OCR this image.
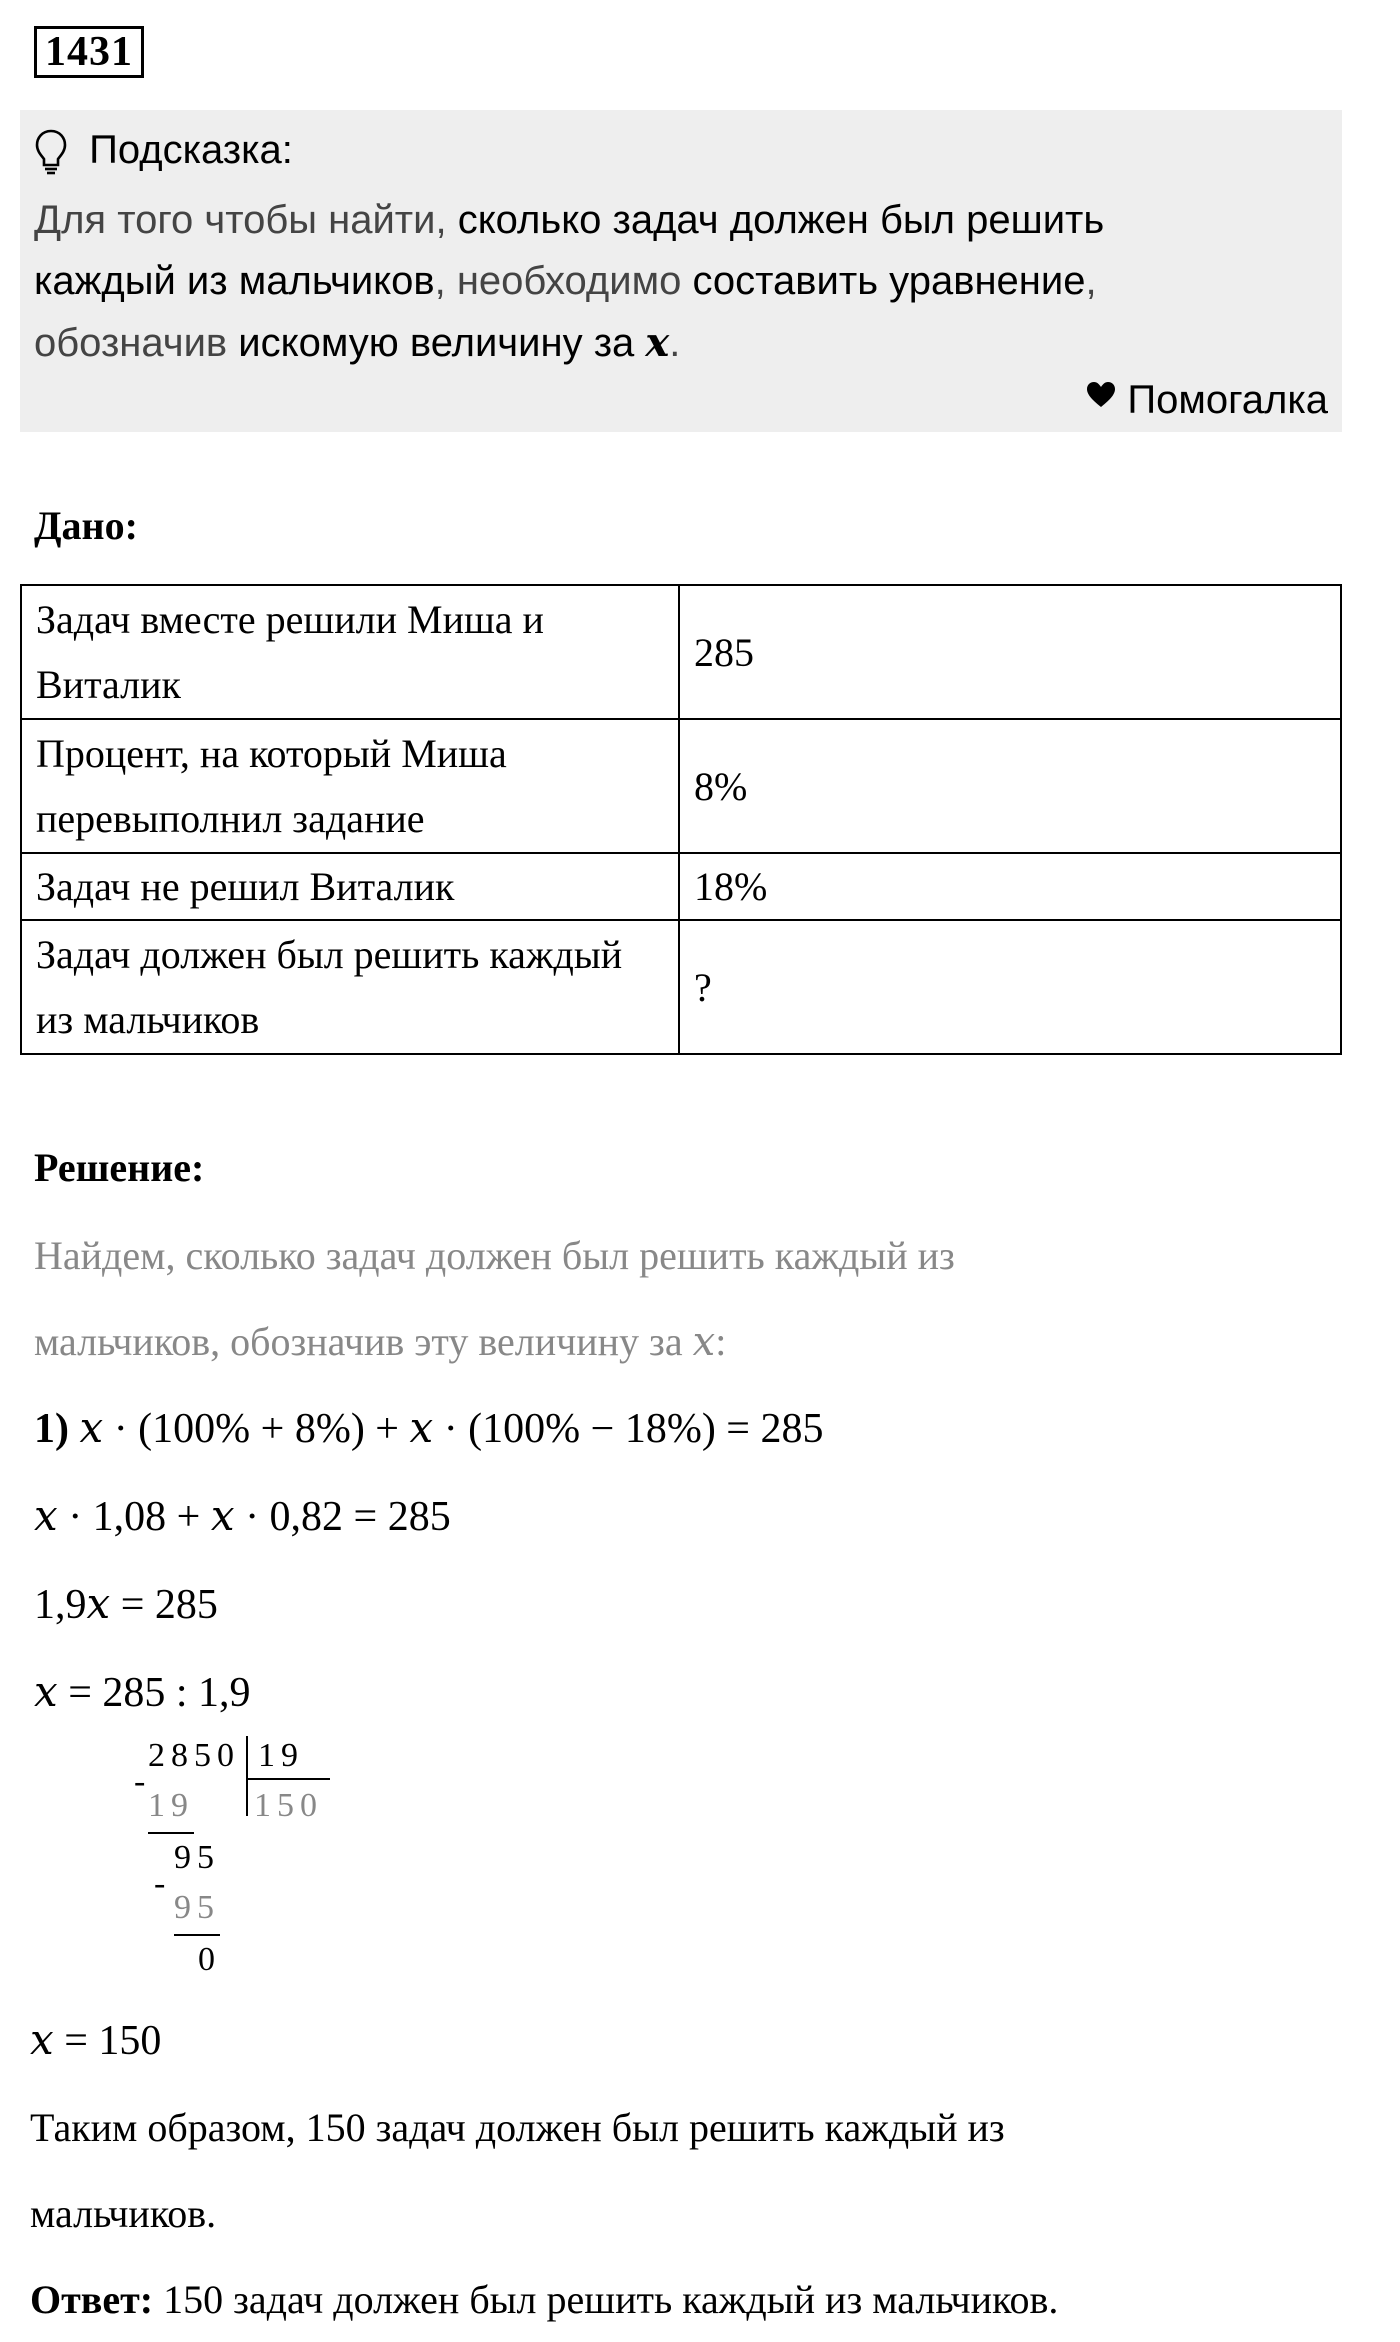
1431
Подсказка:
Для того чтобы найти, сколько задач должен был решить
каждый из мальчиков, необходимо составить уравнение,
обозначив искомую величину за x.
Помогалка
Дано:
Задач вместе решили Миша и Виталик	285

Процент, на который Миша перевыполнил задание	8%
Задач не решил Виталик	18%

Задач должен был решить каждый из мальчиков	?
Решение:
Найдем, сколько задач должен был решить каждый из
мальчиков, обозначив эту величину за x:
1) x · (100% + 8%) + x · (100% − 18%) = 285
x · 1,08 + x · 0,82 = 285
1,9x = 285
x = 285 : 1,9
2850 19
150
-
19
95
-
95
0
x = 150
Таким образом, 150 задач должен был решить каждый из
мальчиков.
Ответ: 150 задач должен был решить каждый из мальчиков.
